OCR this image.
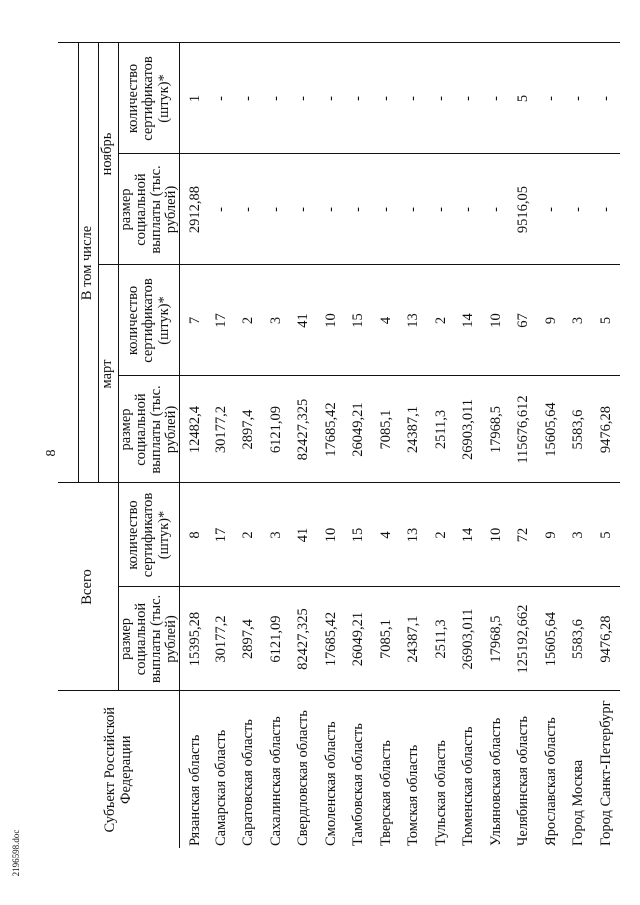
8
2196598.doc
Субъект Российской Федерации	Всего					
			В том числе			
			март		ноябрь	
	размер социальной выплаты (тыс. рублей)	количество сертификатов (штук)*	размер социальной выплаты (тыс. рублей)	количество сертификатов (штук)*	размер социальной выплаты (тыс. рублей)	количество сертификатов (штук)*
Рязанская область	15395,28	8	12482,4	7	2912,88	1
Самарская область	30177,2	17	30177,2	17	-	-
Саратовская область	2897,4	2	2897,4	2	-	-
Сахалинская область	6121,09	3	6121,09	3	-	-
Свердловская область	82427,325	41	82427,325	41	-	-
Смоленская область	17685,42	10	17685,42	10	-	-
Тамбовская область	26049,21	15	26049,21	15	-	-
Тверская область	7085,1	4	7085,1	4	-	-
Томская область	24387,1	13	24387,1	13	-	-
Тульская область	2511,3	2	2511,3	2	-	-
Тюменская область	26903,011	14	26903,011	14	-	-
Ульяновская область	17968,5	10	17968,5	10	-	-
Челябинская область	125192,662	72	115676,612	67	9516,05	5
Ярославская область	15605,64	9	15605,64	9	-	-
Город Москва	5583,6	3	5583,6	3	-	-
Город Санкт-Петербург	9476,28	5	9476,28	5	-	-
